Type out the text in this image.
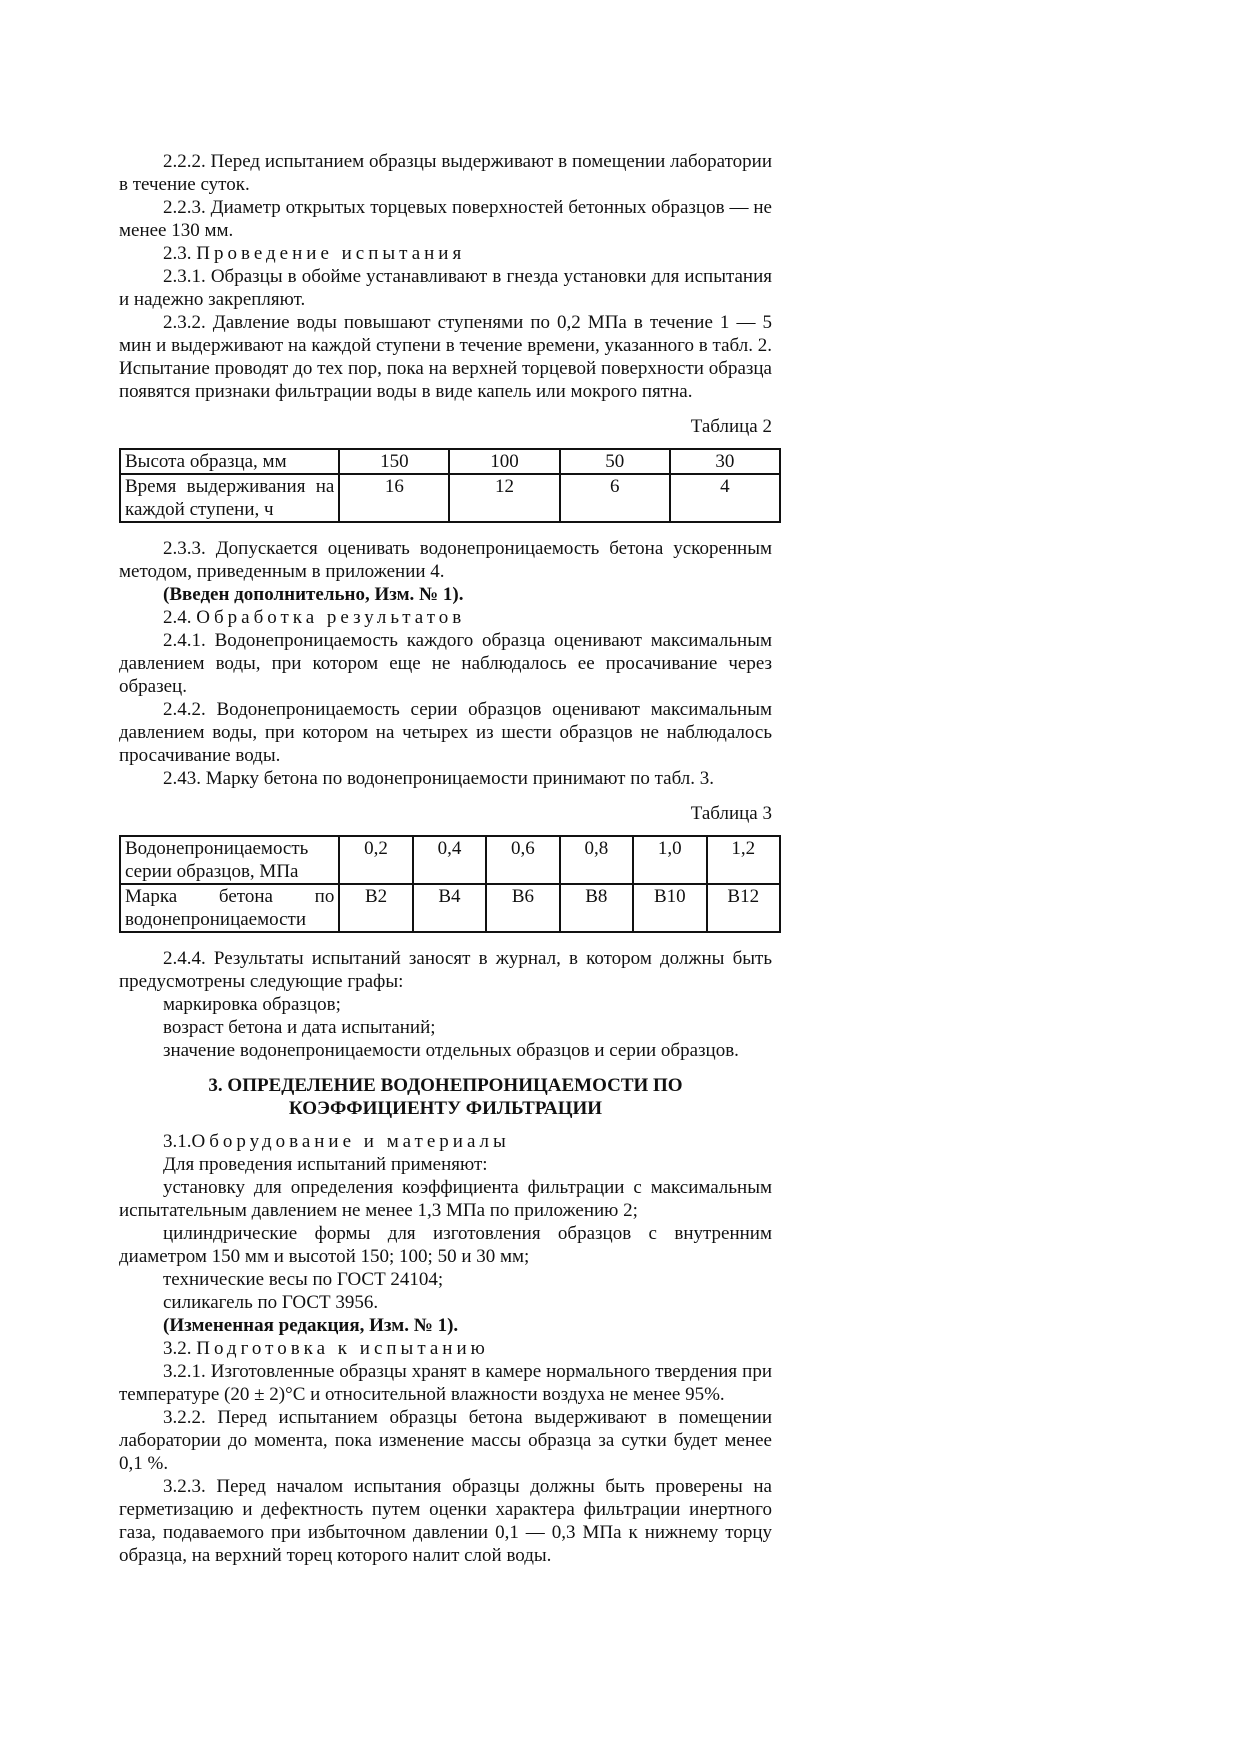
2.2.2. Перед испытанием образцы выдерживают в помещении лаборатории в течение суток.

2.2.3. Диаметр открытых торцевых поверхностей бетонных образцов — не менее 130 мм.

2.3. Проведение испытания

2.3.1. Образцы в обойме устанавливают в гнезда установки для испытания и надежно закрепляют.

2.3.2. Давление воды повышают ступенями по 0,2 МПа в течение 1 — 5 мин и выдерживают на каждой ступени в течение времени, указанного в табл. 2. Испытание проводят до тех пор, пока на верхней торцевой поверхности образца появятся признаки фильтрации воды в виде капель или мокрого пятна.

Таблица 2

Высота образца, мм	150	100	50	30
Время выдерживания на каждой ступени, ч	16	12	6	4

2.3.3. Допускается оценивать водонепроницаемость бетона ускоренным методом, приведенным в приложении 4.

(Введен дополнительно, Изм. № 1).

2.4. Обработка результатов

2.4.1. Водонепроницаемость каждого образца оценивают максимальным давлением воды, при котором еще не наблюдалось ее просачивание через образец.

2.4.2. Водонепроницаемость серии образцов оценивают максимальным давлением воды, при котором на четырех из шести образцов не наблюдалось просачивание воды.

2.43. Марку бетона по водонепроницаемости принимают по табл. 3.

Таблица 3

Водонепроницаемость серии образцов, МПа	0,2	0,4	0,6	0,8	1,0	1,2
Марка бетона по водонепроницаемости	В2	В4	В6	В8	В10	В12

2.4.4. Результаты испытаний заносят в журнал, в котором должны быть предусмотрены следующие графы:

маркировка образцов;

возраст бетона и дата испытаний;

значение водонепроницаемости отдельных образцов и серии образцов.

3. ОПРЕДЕЛЕНИЕ ВОДОНЕПРОНИЦАЕМОСТИ ПО

КОЭФФИЦИЕНТУ ФИЛЬТРАЦИИ

3.1.Оборудование и материалы

Для проведения испытаний применяют:

установку для определения коэффициента фильтрации с максимальным испытательным давлением не менее 1,3 МПа по приложению 2;

цилиндрические формы для изготовления образцов с внутренним диаметром 150 мм и высотой 150; 100; 50 и 30 мм;

технические весы по ГОСТ 24104;

силикагель по ГОСТ 3956.

(Измененная редакция, Изм. № 1).

3.2. Подготовка к испытанию

3.2.1. Изготовленные образцы хранят в камере нормального твердения при температуре (20 ± 2)°С и относительной влажности воздуха не менее 95%.

3.2.2. Перед испытанием образцы бетона выдерживают в помещении лаборатории до момента, пока изменение массы образца за сутки будет менее 0,1 %.

3.2.3. Перед началом испытания образцы должны быть проверены на герметизацию и дефектность путем оценки характера фильтрации инертного газа, подаваемого при избыточном давлении 0,1 — 0,3 МПа к нижнему торцу образца, на верхний торец которого налит слой воды.
